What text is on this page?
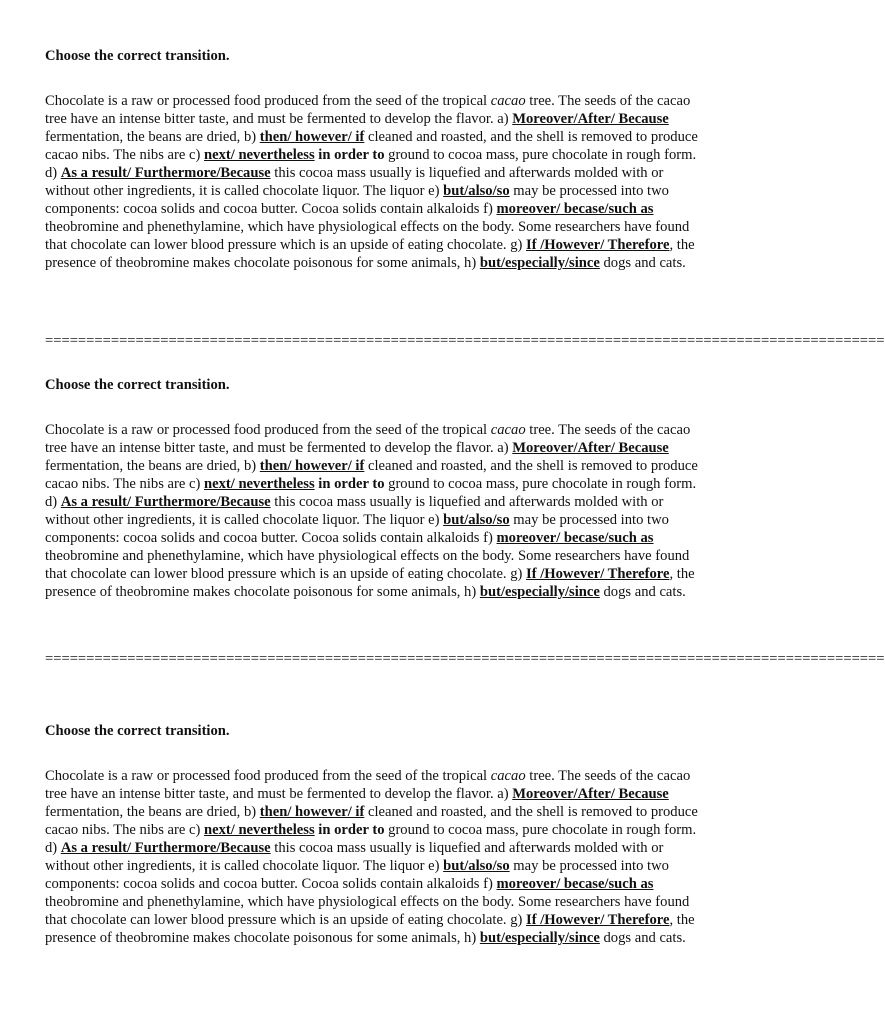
Choose the correct transition.
Chocolate is a raw or processed food produced from the seed of the tropical cacao tree. The seeds of the cacao
tree have an intense bitter taste, and must be fermented to develop the flavor. a) Moreover/After/ Because
fermentation, the beans are dried, b) then/ however/ if cleaned and roasted, and the shell is removed to produce
cacao nibs. The nibs are c) next/ nevertheless in order to ground to cocoa mass, pure chocolate in rough form.
d) As a result/ Furthermore/Because this cocoa mass usually is liquefied and afterwards molded with or
without other ingredients, it is called chocolate liquor. The liquor e) but/also/so may be processed into two
components: cocoa solids and cocoa butter. Cocoa solids contain alkaloids f) moreover/ becase/such as
theobromine and phenethylamine, which have physiological effects on the body. Some researchers have found
that chocolate can lower blood pressure which is an upside of eating chocolate. g) If /However/ Therefore, the
presence of theobromine makes chocolate poisonous for some animals, h) but/especially/since dogs and cats.
======================================================================================================
Choose the correct transition.
Chocolate is a raw or processed food produced from the seed of the tropical cacao tree. The seeds of the cacao
tree have an intense bitter taste, and must be fermented to develop the flavor. a) Moreover/After/ Because
fermentation, the beans are dried, b) then/ however/ if cleaned and roasted, and the shell is removed to produce
cacao nibs. The nibs are c) next/ nevertheless in order to ground to cocoa mass, pure chocolate in rough form.
d) As a result/ Furthermore/Because this cocoa mass usually is liquefied and afterwards molded with or
without other ingredients, it is called chocolate liquor. The liquor e) but/also/so may be processed into two
components: cocoa solids and cocoa butter. Cocoa solids contain alkaloids f) moreover/ becase/such as
theobromine and phenethylamine, which have physiological effects on the body. Some researchers have found
that chocolate can lower blood pressure which is an upside of eating chocolate. g) If /However/ Therefore, the
presence of theobromine makes chocolate poisonous for some animals, h) but/especially/since dogs and cats.
======================================================================================================
Choose the correct transition.
Chocolate is a raw or processed food produced from the seed of the tropical cacao tree. The seeds of the cacao
tree have an intense bitter taste, and must be fermented to develop the flavor. a) Moreover/After/ Because
fermentation, the beans are dried, b) then/ however/ if cleaned and roasted, and the shell is removed to produce
cacao nibs. The nibs are c) next/ nevertheless in order to ground to cocoa mass, pure chocolate in rough form.
d) As a result/ Furthermore/Because this cocoa mass usually is liquefied and afterwards molded with or
without other ingredients, it is called chocolate liquor. The liquor e) but/also/so may be processed into two
components: cocoa solids and cocoa butter. Cocoa solids contain alkaloids f) moreover/ becase/such as
theobromine and phenethylamine, which have physiological effects on the body. Some researchers have found
that chocolate can lower blood pressure which is an upside of eating chocolate. g) If /However/ Therefore, the
presence of theobromine makes chocolate poisonous for some animals, h) but/especially/since dogs and cats.
